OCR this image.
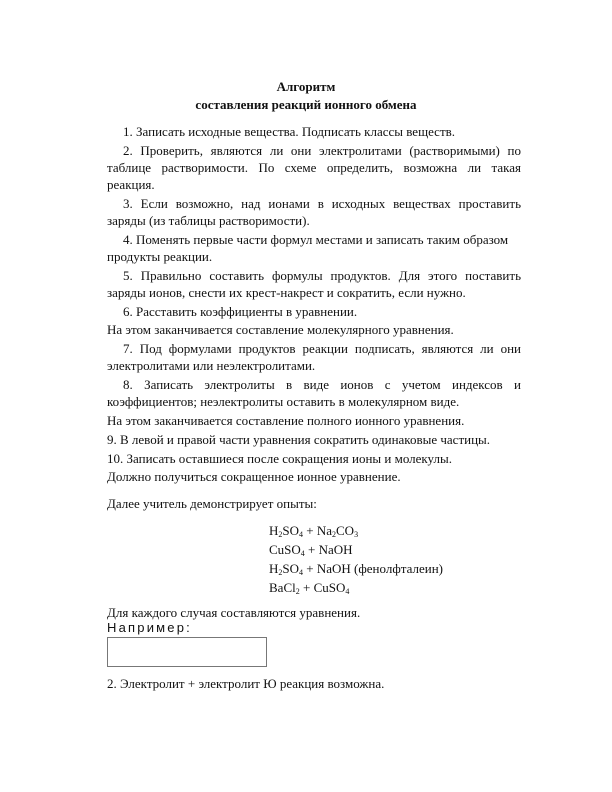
Алгоритм
составления реакций ионного обмена
1. Записать исходные вещества. Подписать классы веществ.
2. Проверить, являются ли они электролитами (растворимыми) по
таблице растворимости. По схеме определить, возможна ли такая
реакция.
3. Если возможно, над ионами в исходных веществах проставить
заряды (из таблицы растворимости).
4. Поменять первые части формул местами и записать таким образом
продукты реакции.
5. Правильно составить формулы продуктов. Для этого поставить
заряды ионов, снести их крест-накрест и сократить, если нужно.
6. Расставить коэффициенты в уравнении.
На этом заканчивается составление молекулярного уравнения.
7. Под формулами продуктов реакции подписать, являются ли они
электролитами или неэлектролитами.
8. Записать электролиты в виде ионов с учетом индексов и
коэффициентов; неэлектролиты оставить в молекулярном виде.
На этом заканчивается составление полного ионного уравнения.
9. В левой и правой части уравнения сократить одинаковые частицы.
10. Записать оставшиеся после сокращения ионы и молекулы.
Должно получиться сокращенное ионное уравнение.
Далее учитель демонстрирует опыты:
$H_2SO_4 + Na_2CO_3$
CuSO$_4$ + NaOH
$H_2SO_4$ + NaOH (фенолфталеин)
BaCl$_2$ + CuSO$_4$
Для каждого случая составляются уравнения.
Например:
2. Электролит + электролит Ю реакция возможна.
